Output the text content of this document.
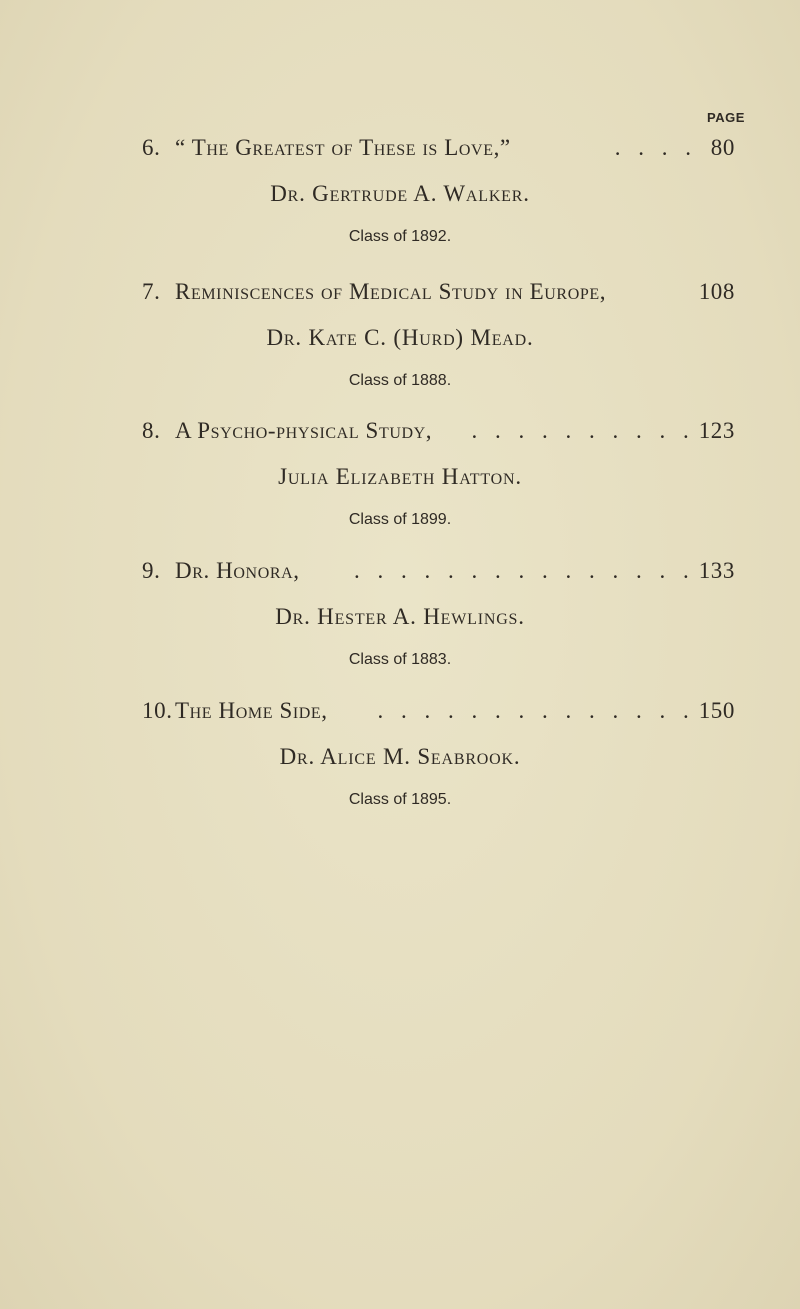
PAGE
6. “ The Greatest of These is Love,”	. . . . 80
Dr. Gertrude A. Walker.
Class of 1892.
7. Reminiscences of Medical Study in Europe,	108
Dr. Kate C. (Hurd) Mead.
Class of 1888.
8. A Psycho-physical Study,	. . . . . . . . . . 123
Julia Elizabeth Hatton.
Class of 1899.
9. Dr. Honora,	. . . . . . . . . . . . . . . 133
Dr. Hester A. Hewlings.
Class of 1883.
10. The Home Side,	. . . . . . . . . . . . . . 150
Dr. Alice M. Seabrook.
Class of 1895.
